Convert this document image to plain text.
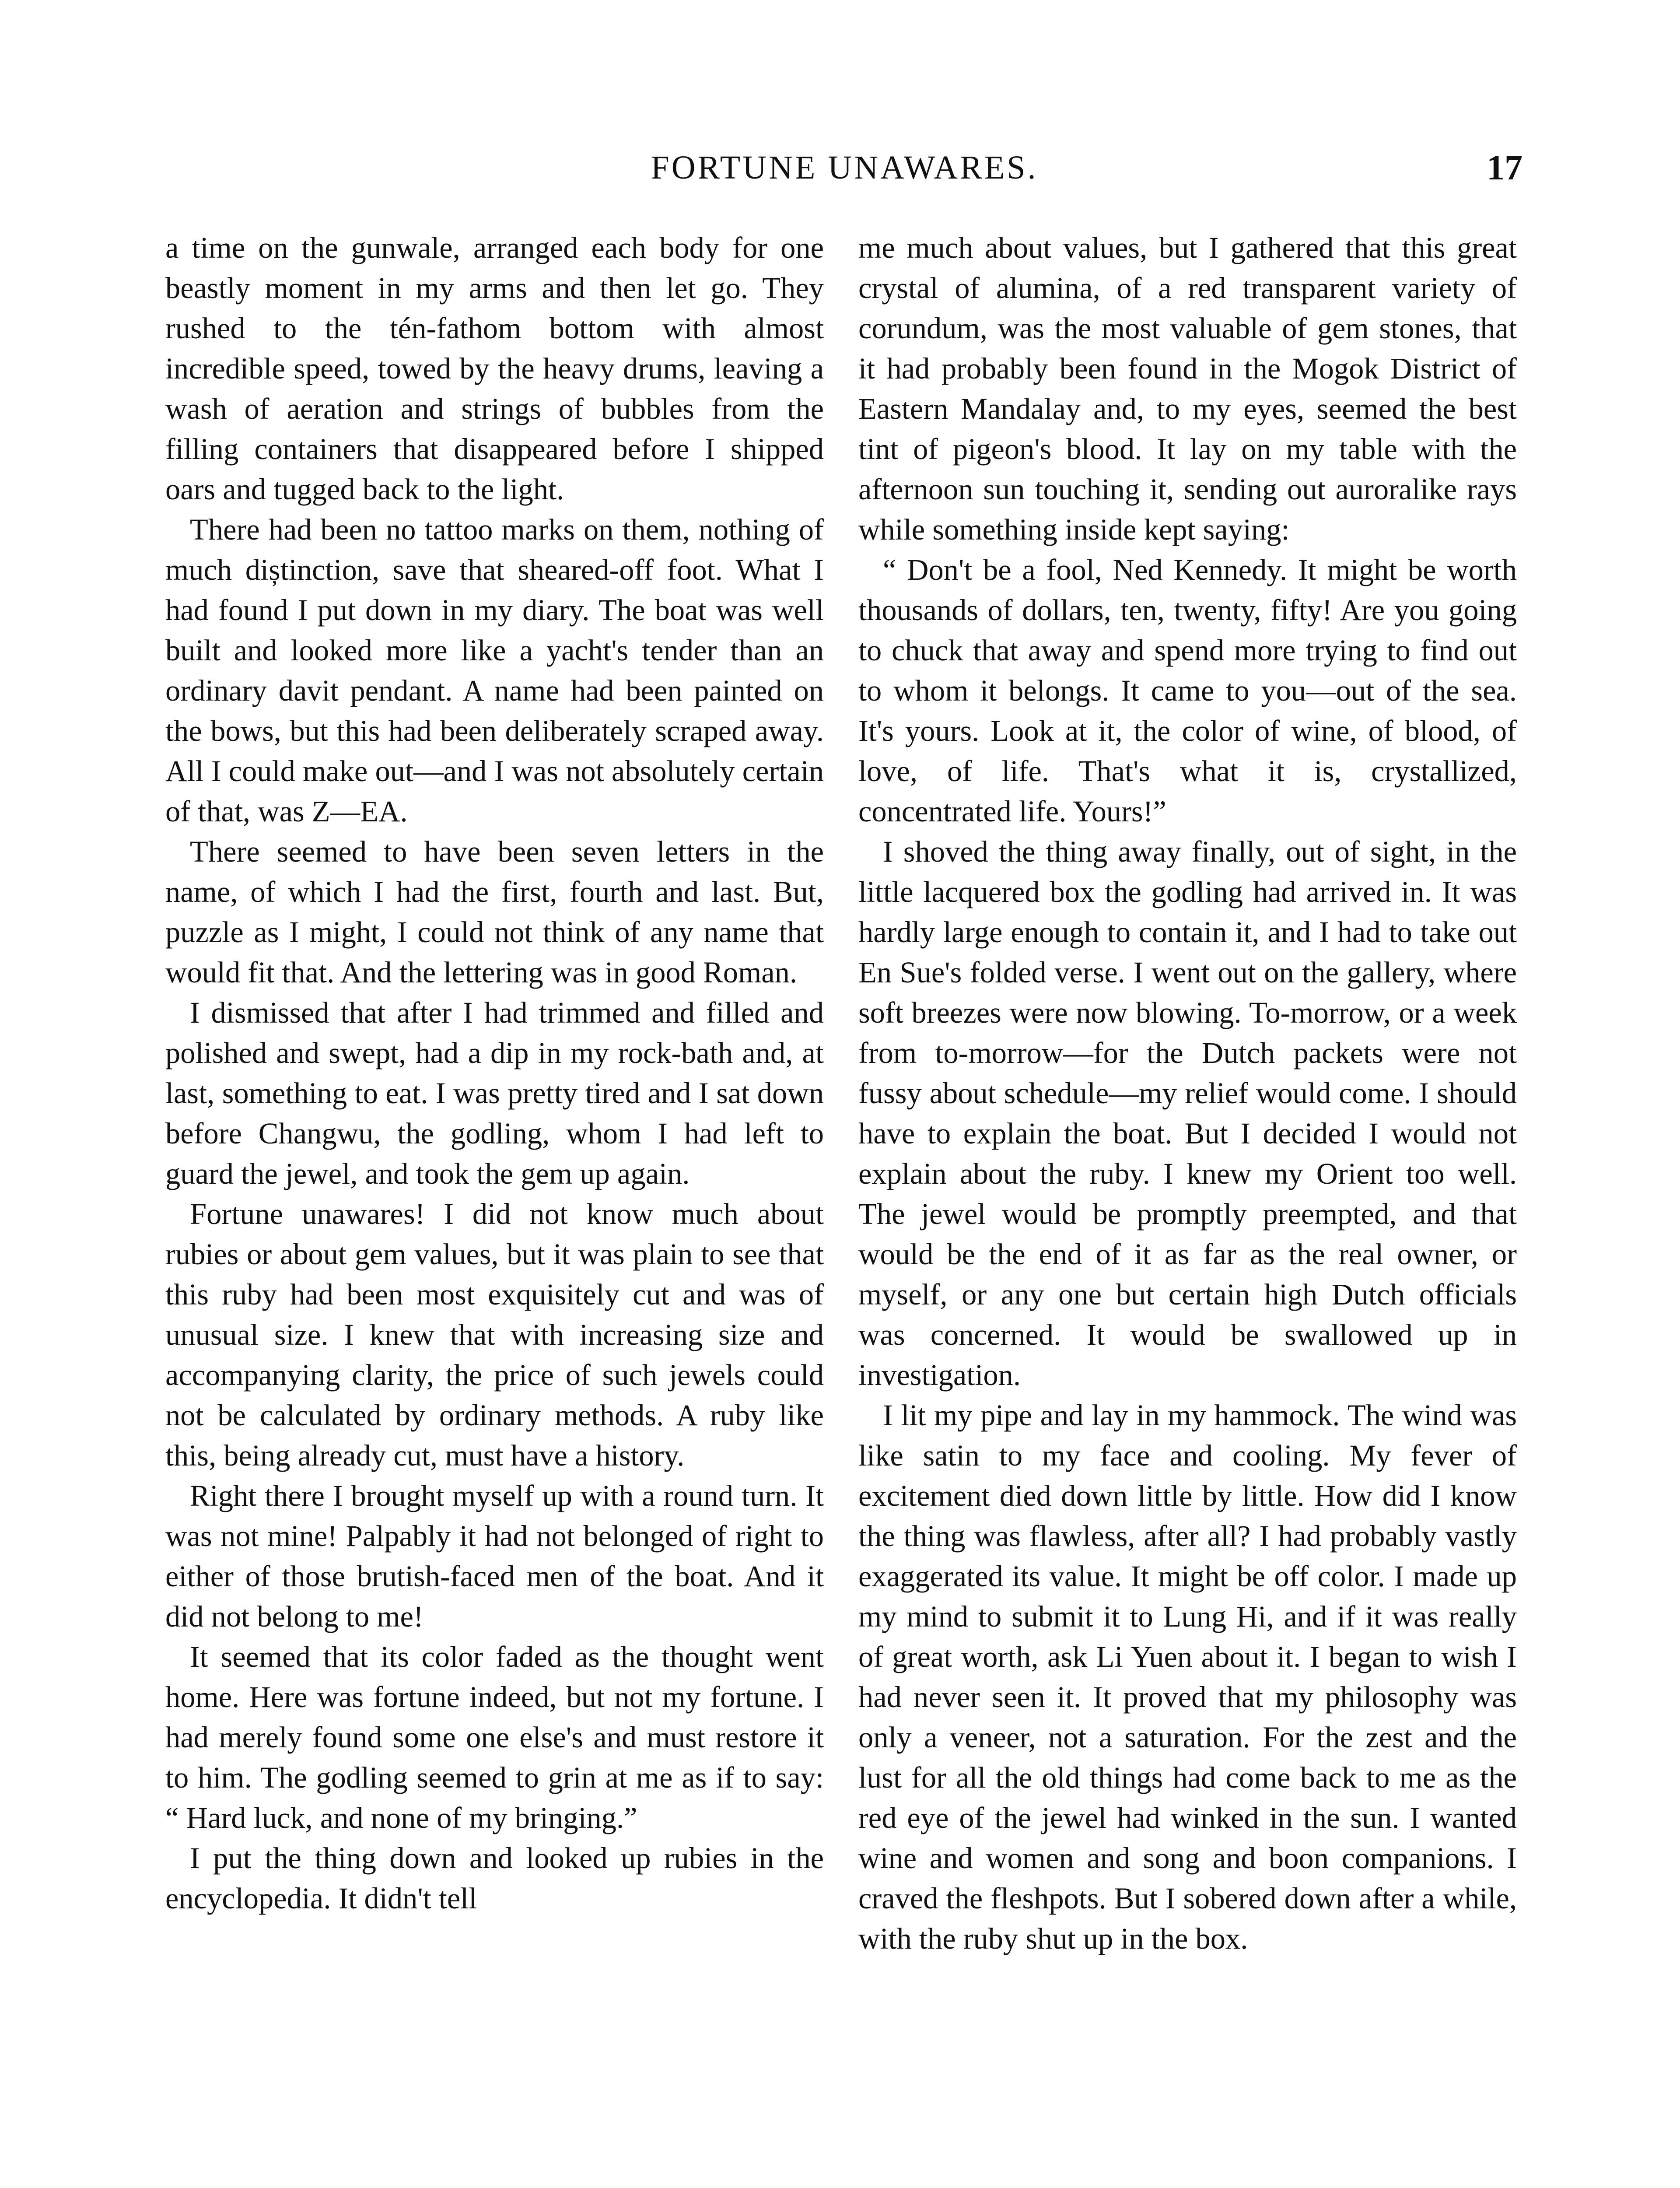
FORTUNE UNAWARES.	17

a time on the gunwale, arranged each body for one beastly moment in my arms and then let go. They rushed to the tén-fathom bottom with almost incredible speed, towed by the heavy drums, leaving a wash of aeration and strings of bubbles from the filling containers that disappeared before I shipped oars and tugged back to the light.

There had been no tattoo marks on them, nothing of much diștinction, save that sheared-off foot. What I had found I put down in my diary. The boat was well built and looked more like a yacht's tender than an ordinary davit pendant. A name had been painted on the bows, but this had been deliberately scraped away. All I could make out—and I was not absolutely certain of that, was Z—EA.

There seemed to have been seven letters in the name, of which I had the first, fourth and last. But, puzzle as I might, I could not think of any name that would fit that. And the lettering was in good Roman.

I dismissed that after I had trimmed and filled and polished and swept, had a dip in my rock-bath and, at last, something to eat. I was pretty tired and I sat down before Changwu, the godling, whom I had left to guard the jewel, and took the gem up again.

Fortune unawares! I did not know much about rubies or about gem values, but it was plain to see that this ruby had been most exquisitely cut and was of unusual size. I knew that with increasing size and accompanying clarity, the price of such jewels could not be calculated by ordinary methods. A ruby like this, being already cut, must have a history.

Right there I brought myself up with a round turn. It was not mine! Palpably it had not belonged of right to either of those brutish-faced men of the boat. And it did not belong to me!

It seemed that its color faded as the thought went home. Here was fortune indeed, but not my fortune. I had merely found some one else's and must restore it to him. The godling seemed to grin at me as if to say: “ Hard luck, and none of my bringing.”

I put the thing down and looked up rubies in the encyclopedia. It didn't tell

me much about values, but I gathered that this great crystal of alumina, of a red transparent variety of corundum, was the most valuable of gem stones, that it had probably been found in the Mogok District of Eastern Mandalay and, to my eyes, seemed the best tint of pigeon's blood. It lay on my table with the afternoon sun touching it, sending out auroralike rays while something inside kept saying:

“ Don't be a fool, Ned Kennedy. It might be worth thousands of dollars, ten, twenty, fifty! Are you going to chuck that away and spend more trying to find out to whom it belongs. It came to you—out of the sea. It's yours. Look at it, the color of wine, of blood, of love, of life. That's what it is, crystallized, concentrated life. Yours!”

I shoved the thing away finally, out of sight, in the little lacquered box the godling had arrived in. It was hardly large enough to contain it, and I had to take out En Sue's folded verse. I went out on the gallery, where soft breezes were now blowing. To-morrow, or a week from to-morrow—for the Dutch packets were not fussy about schedule—my relief would come. I should have to explain the boat. But I decided I would not explain about the ruby. I knew my Orient too well. The jewel would be promptly preempted, and that would be the end of it as far as the real owner, or myself, or any one but certain high Dutch officials was concerned. It would be swallowed up in investigation.

I lit my pipe and lay in my hammock. The wind was like satin to my face and cooling. My fever of excitement died down little by little. How did I know the thing was flawless, after all? I had probably vastly exaggerated its value. It might be off color. I made up my mind to submit it to Lung Hi, and if it was really of great worth, ask Li Yuen about it. I began to wish I had never seen it. It proved that my philosophy was only a veneer, not a saturation. For the zest and the lust for all the old things had come back to me as the red eye of the jewel had winked in the sun. I wanted wine and women and song and boon companions. I craved the fleshpots. But I sobered down after a while, with the ruby shut up in the box.
